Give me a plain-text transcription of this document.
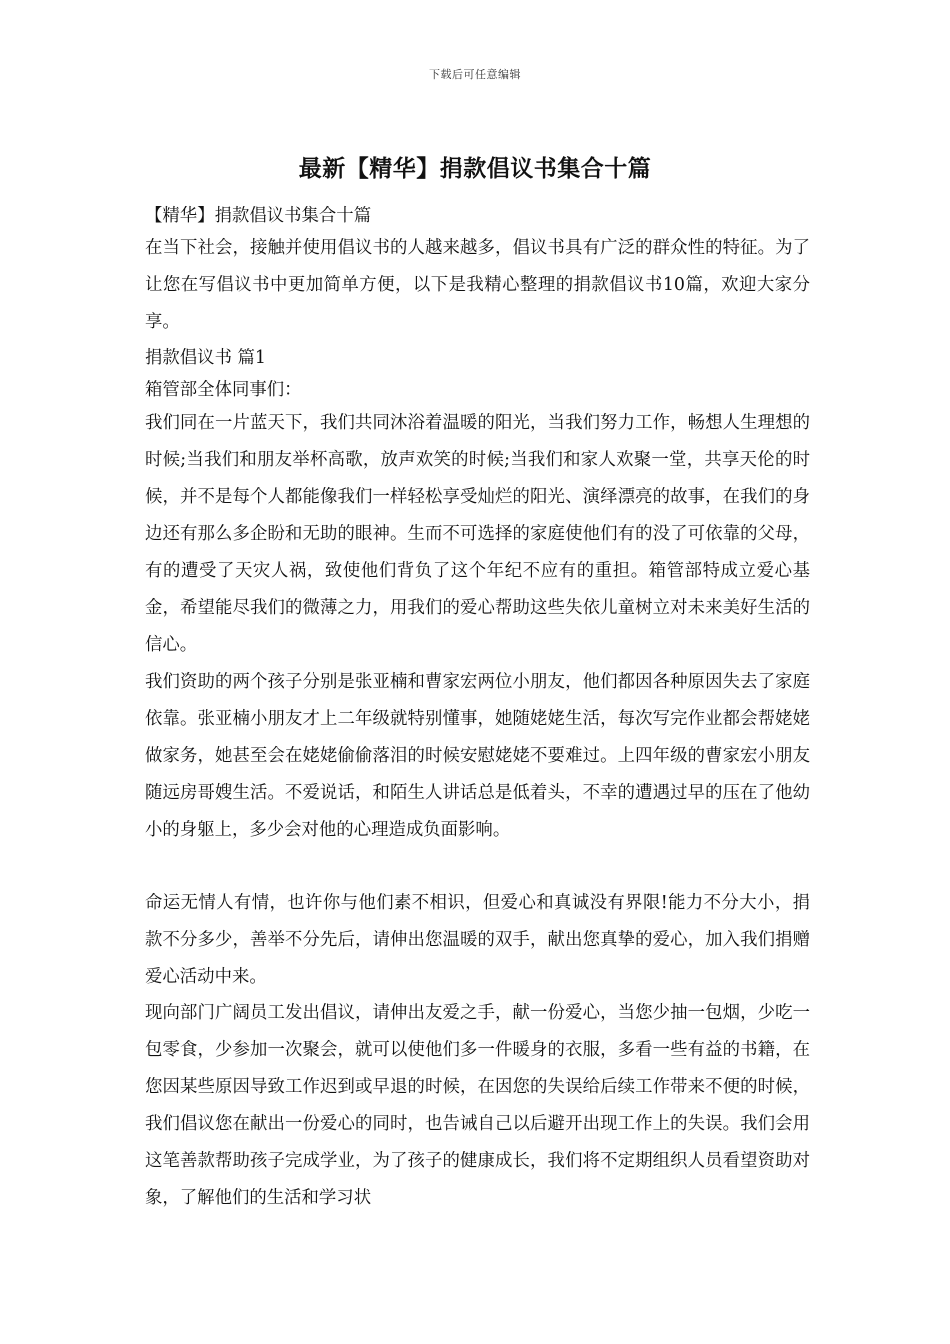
下载后可任意编辑
最新【精华】捐款倡议书集合十篇

【精华】捐款倡议书集合十篇

在当下社会，接触并使用倡议书的人越来越多，倡议书具有广泛的群众性的特征。为了让您在写倡议书中更加简单方便，以下是我精心整理的捐款倡议书10篇，欢迎大家分享。

捐款倡议书 篇1

箱管部全体同事们：

我们同在一片蓝天下，我们共同沐浴着温暖的阳光，当我们努力工作，畅想人生理想的时候;当我们和朋友举杯高歌，放声欢笑的时候;当我们和家人欢聚一堂，共享天伦的时候，并不是每个人都能像我们一样轻松享受灿烂的阳光、演绎漂亮的故事，在我们的身边还有那么多企盼和无助的眼神。生而不可选择的家庭使他们有的没了可依靠的父母，有的遭受了天灾人祸，致使他们背负了这个年纪不应有的重担。箱管部特成立爱心基金，希望能尽我们的微薄之力，用我们的爱心帮助这些失依儿童树立对未来美好生活的信心。

我们资助的两个孩子分别是张亚楠和曹家宏两位小朋友，他们都因各种原因失去了家庭依靠。张亚楠小朋友才上二年级就特别懂事，她随姥姥生活，每次写完作业都会帮姥姥做家务，她甚至会在姥姥偷偷落泪的时候安慰姥姥不要难过。上四年级的曹家宏小朋友随远房哥嫂生活。不爱说话，和陌生人讲话总是低着头，不幸的遭遇过早的压在了他幼小的身躯上，多少会对他的心理造成负面影响。

命运无情人有情，也许你与他们素不相识，但爱心和真诚没有界限!能力不分大小，捐款不分多少，善举不分先后，请伸出您温暖的双手，献出您真挚的爱心，加入我们捐赠爱心活动中来。

现向部门广阔员工发出倡议，请伸出友爱之手，献一份爱心，当您少抽一包烟，少吃一包零食，少参加一次聚会，就可以使他们多一件暖身的衣服，多看一些有益的书籍，在您因某些原因导致工作迟到或早退的时候，在因您的失误给后续工作带来不便的时候，我们倡议您在献出一份爱心的同时，也告诫自己以后避开出现工作上的失误。我们会用这笔善款帮助孩子完成学业，为了孩子的健康成长，我们将不定期组织人员看望资助对象，了解他们的生活和学习状
